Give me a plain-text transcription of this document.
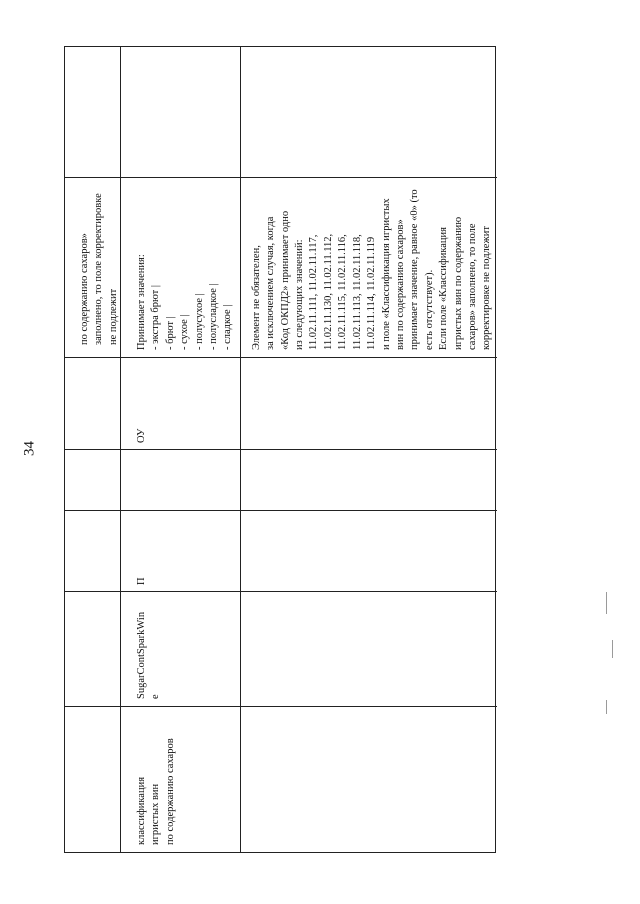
34
по содержанию сахаров» заполнено, то поле корректировке не подлежит
классификация игристых вин по содержанию сахаров
SugarContSparkWin e
П
ОУ
Принимает значения: - экстра брют | - брют | - сухое | - полусухое | - полусладкое | - сладкое | Элемент не обязателен, за исключением случая, когда «Код ОКПД2» принимает одно из следующих значений: 11.02.11.111, 11.02.11.117, 11.02.11.130, 11.02.11.112, 11.02.11.115, 11.02.11.116, 11.02.11.113, 11.02.11.118, 11.02.11.114, 11.02.11.119 и поле «Классификация игристых вин по содержанию сахаров» принимает значение, равное «0» (то есть отсутствует). Если поле «Классификация игристых вин по содержанию сахаров» заполнено, то поле корректировке не подлежит
